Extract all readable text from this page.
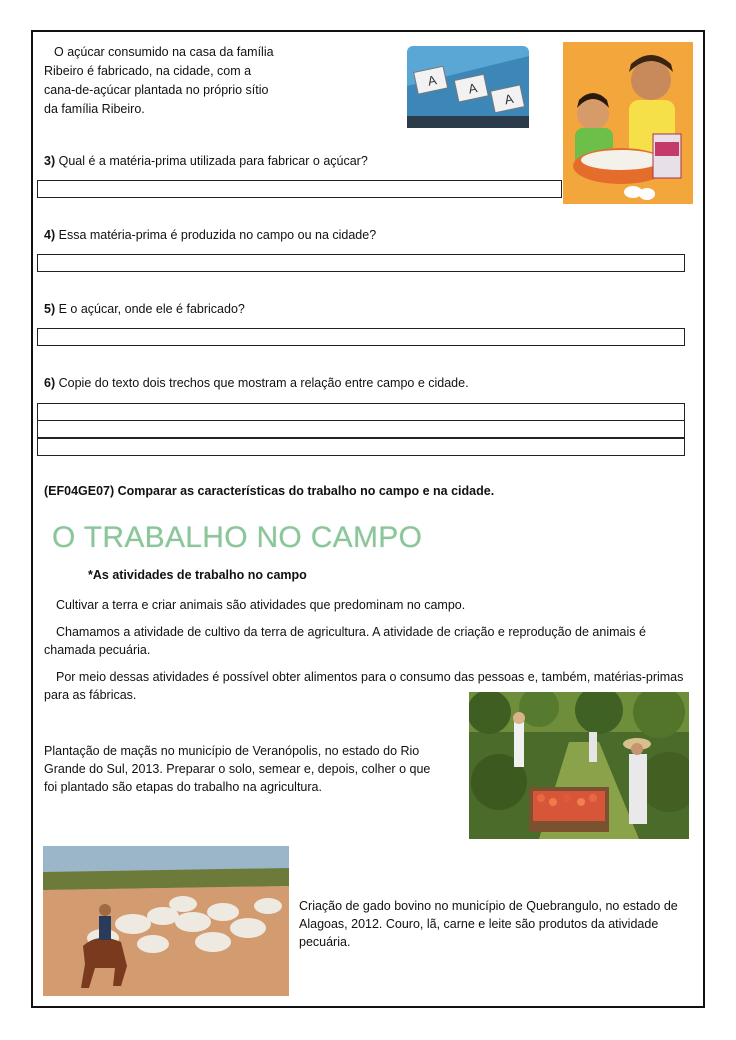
O açúcar consumido na casa da família Ribeiro é fabricado, na cidade, com a cana-de-açúcar plantada no próprio sítio da família Ribeiro.

A A
A

3) Qual é a matéria-prima utilizada para fabricar o açúcar?

4) Essa matéria-prima é produzida no campo ou na cidade?

5) E o açúcar, onde ele é fabricado?

6) Copie do texto dois trechos que mostram a relação entre campo e cidade.

(EF04GE07) Comparar as características do trabalho no campo e na cidade.
O TRABALHO NO CAMPO
*As atividades de trabalho no campo
Cultivar a terra e criar animais são atividades que predominam no campo.
Chamamos a atividade de cultivo da terra de agricultura. A atividade de criação e reprodução de animais é chamada pecuária.
Por meio dessas atividades é possível obter alimentos para o consumo das pessoas e, também, matérias-primas para as fábricas.
Plantação de maçãs no município de Veranópolis, no estado do Rio Grande do Sul, 2013. Preparar o solo, semear e, depois, colher o que foi plantado são etapas do trabalho na agricultura.
Criação de gado bovino no município de Quebrangulo, no estado de Alagoas, 2012. Couro, lã, carne e leite são produtos da atividade pecuária.
